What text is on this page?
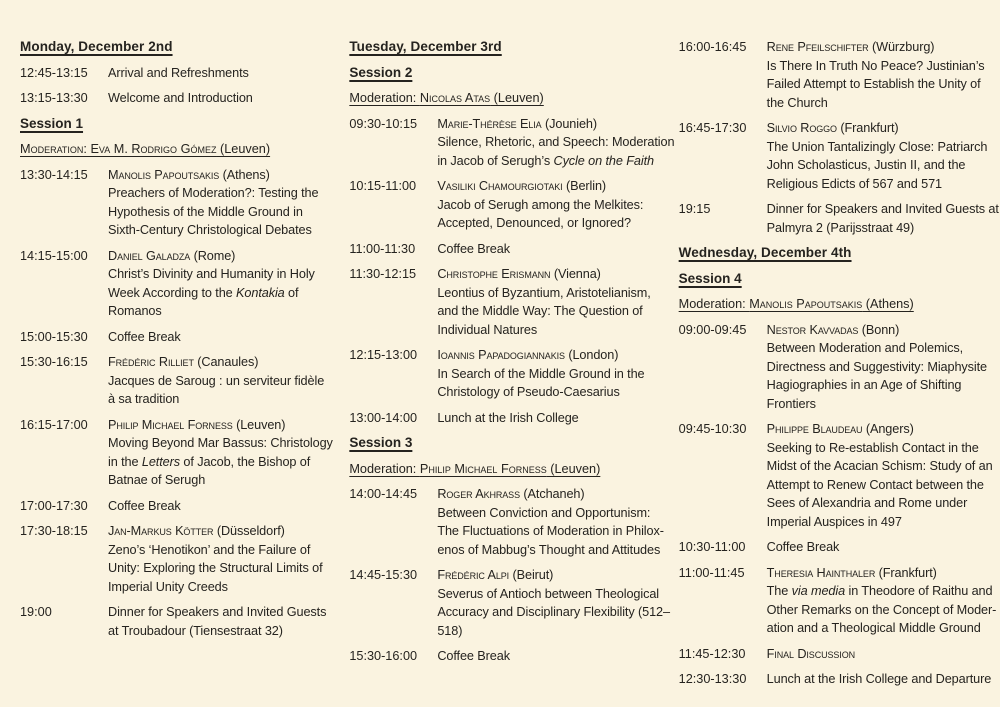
Monday, December 2nd
12:45-13:15	Arrival and Refreshments
13:15-13:30	Welcome and Introduction
Session 1
Moderation: Eva M. Rodrigo Gómez (Leuven)
13:30-14:15	Manolis Papoutsakis (Athens)
Preachers of Moderation?: Testing the
Hypothesis of the Middle Ground in
Sixth-Century Christological Debates
14:15-15:00	Daniel Galadza (Rome)
Christ’s Divinity and Humanity in Holy
Week According to the Kontakia of
Romanos
15:00-15:30	Coffee Break
15:30-16:15	Frédéric Rilliet (Canaules)
Jacques de Saroug : un serviteur fidèle
à sa tradition
16:15-17:00	Philip Michael Forness (Leuven)
Moving Beyond Mar Bassus: Christology
in the Letters of Jacob, the Bishop of
Batnae of Serugh
17:00-17:30	Coffee Break
17:30-18:15	Jan-Markus Kötter (Düsseldorf)
Zeno’s ‘Henotikon’ and the Failure of
Unity: Exploring the Structural Limits of
Imperial Unity Creeds
19:00	Dinner for Speakers and Invited Guests
at Troubadour (Tiensestraat 32)
Tuesday, December 3rd
Session 2
Moderation: Nicolas Atas (Leuven)
09:30-10:15	Marie-Thérèse Elia (Jounieh)
Silence, Rhetoric, and Speech: Moderation
in Jacob of Serugh’s Cycle on the Faith
10:15-11:00	Vasiliki Chamourgiotaki (Berlin)
Jacob of Serugh among the Melkites:
Accepted, Denounced, or Ignored?
11:00-11:30	Coffee Break
11:30-12:15	Christophe Erismann (Vienna)
Leontius of Byzantium, Aristotelianism,
and the Middle Way: The Question of
Individual Natures
12:15-13:00	Ioannis Papadogiannakis (London)
In Search of the Middle Ground in the
Christology of Pseudo-Caesarius
13:00-14:00	Lunch at the Irish College
Session 3
Moderation: Philip Michael Forness (Leuven)
14:00-14:45	Roger Akhrass (Atchaneh)
Between Conviction and Opportunism:
The Fluctuations of Moderation in Philox-
enos of Mabbug’s Thought and Attitudes
14:45-15:30	Frédéric Alpi (Beirut)
Severus of Antioch between Theological
Accuracy and Disciplinary Flexibility (512–
518)
15:30-16:00	Coffee Break
16:00-16:45	Rene Pfeilschifter (Würzburg)
Is There In Truth No Peace? Justinian’s
Failed Attempt to Establish the Unity of
the Church
16:45-17:30	Silvio Roggo (Frankfurt)
The Union Tantalizingly Close: Patriarch
John Scholasticus, Justin II, and the
Religious Edicts of 567 and 571
19:15	Dinner for Speakers and Invited Guests at
Palmyra 2 (Parijsstraat 49)
Wednesday, December 4th
Session 4
Moderation: Manolis Papoutsakis (Athens)
09:00-09:45	Nestor Kavvadas (Bonn)
Between Moderation and Polemics,
Directness and Suggestivity: Miaphysite
Hagiographies in an Age of Shifting
Frontiers
09:45-10:30	Philippe Blaudeau (Angers)
Seeking to Re-establish Contact in the
Midst of the Acacian Schism: Study of an
Attempt to Renew Contact between the
Sees of Alexandria and Rome under
Imperial Auspices in 497
10:30-11:00	Coffee Break
11:00-11:45	Theresia Hainthaler (Frankfurt)
The via media in Theodore of Raithu and
Other Remarks on the Concept of Moder-
ation and a Theological Middle Ground
11:45-12:30	Final Discussion
12:30-13:30	Lunch at the Irish College and Departure
